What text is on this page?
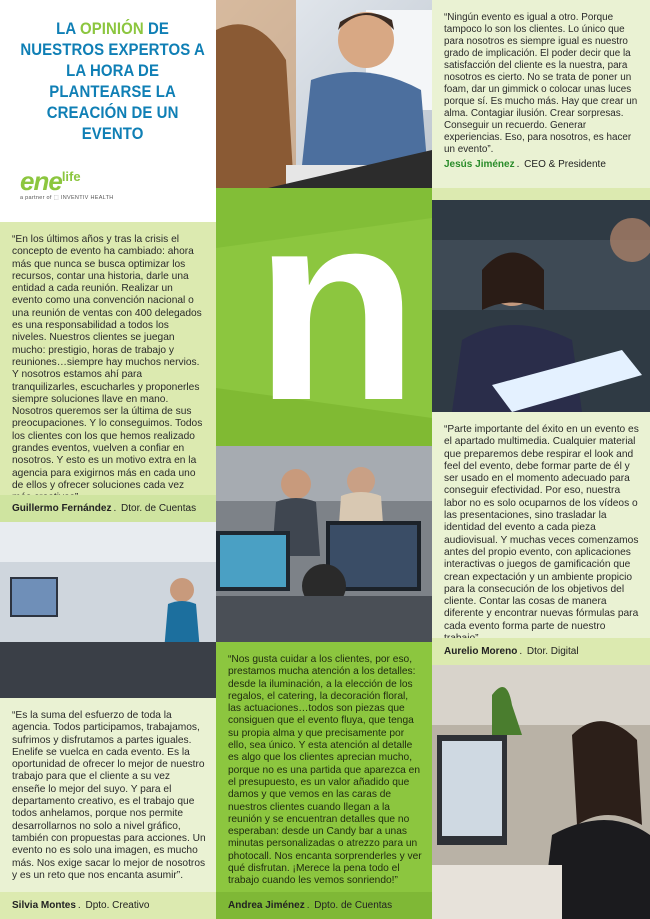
LA OPINIÓN DE NUESTROS EXPERTOS A LA HORA DE PLANTEARSE LA CREACIÓN DE UN EVENTO
ene$^{life}$
a partner of ⬚ INVENTIV HEALTH

“Ningún evento es igual a otro. Porque tampoco lo son los clientes. Lo único que para nosotros es siempre igual es nuestro grado de implicación. El poder decir que la satisfacción del cliente es la nuestra, para nosotros es cierto. No se trata de poner un foam, dar un gimmick o colocar unas luces porque sí. Es mucho más. Hay que crear un alma. Contagiar ilusión. Crear sorpresas. Conseguir un recuerdo. Generar experiencias. Eso, para nosotros, es hacer un evento”.

Jesús Jiménez . CEO & Presidente

“En los últimos años y tras la crisis el concepto de evento ha cambiado: ahora más que nunca se busca optimizar los recursos, contar una historia, darle una entidad a cada reunión. Realizar un evento como una convención nacional o una reunión de ventas con 400 delegados es una responsabilidad a todos los niveles. Nuestros clientes se juegan mucho: prestigio, horas de trabajo y reuniones…siempre hay muchos nervios. Y nosotros estamos ahí para tranquilizarles, escucharles y proponerles siempre soluciones llave en mano. Nosotros queremos ser la última de sus preocupaciones. Y lo conseguimos. Todos los clientes con los que hemos realizado grandes eventos, vuelven a confiar en nosotros. Y esto es un motivo extra en la agencia para exigirnos más en cada uno de ellos y ofrecer soluciones cada vez

Guillermo Fernández . Dtor. de Cuentas
n “Parte importante del éxito en un evento es el apartado multimedia. Cualquier material que preparemos debe respirar el look and feel del evento, debe formar parte de él y ser usado en el momento adecuado para conseguir efectividad. Por eso, nuestra labor no es solo ocuparnos de los vídeos o las presentaciones, sino trasladar la identidad del evento a cada pieza audiovisual. Y muchas veces comenzamos antes del propio evento, con aplicaciones interactivas o juegos de gamificación que crean expectación y un ambiente propicio para la consecución de los objetivos del cliente. Contar las cosas de manera diferente y encontrar nuevas fórmulas para cada evento forma parte de nuestro

Aurelio Moreno . Dtor. Digital

“Es la suma del esfuerzo de toda la agencia. Todos participamos, trabajamos, sufrimos y disfrutamos a partes iguales. Enelife se vuelca en cada evento. Es la oportunidad de ofrecer lo mejor de nuestro trabajo para que el cliente a su vez enseñe lo mejor del suyo. Y para el departamento creativo, es el trabajo que todos anhelamos, porque nos permite desarrollarnos no solo a nivel gráfico, también con propuestas para acciones. Un evento no es solo una imagen, es mucho más. Nos exige sacar lo mejor de nosotros y es un reto que nos encanta asumir”.

Silvia Montes . Dpto. Creativo

“Nos gusta cuidar a los clientes, por eso, prestamos mucha atención a los detalles: desde la iluminación, a la elección de los regalos, el catering, la decoración floral, las actuaciones…todos son piezas que consiguen que el evento fluya, que tenga su propia alma y que precisamente por ello, sea único. Y esta atención al detalle es algo que los clientes aprecian mucho, porque no es una partida que aparezca en el presupuesto, es un valor añadido que damos y que vemos en las caras de nuestros clientes cuando llegan a la reunión y se encuentran detalles que no esperaban: desde un Candy bar a unas minutas personalizadas o atrezzo para un photocall. Nos encanta sorprenderles y ver qué disfrutan. ¡Merece la pena todo el trabajo cuando les vemos sonriendo!”

Andrea Jiménez . Dpto. de Cuentas
